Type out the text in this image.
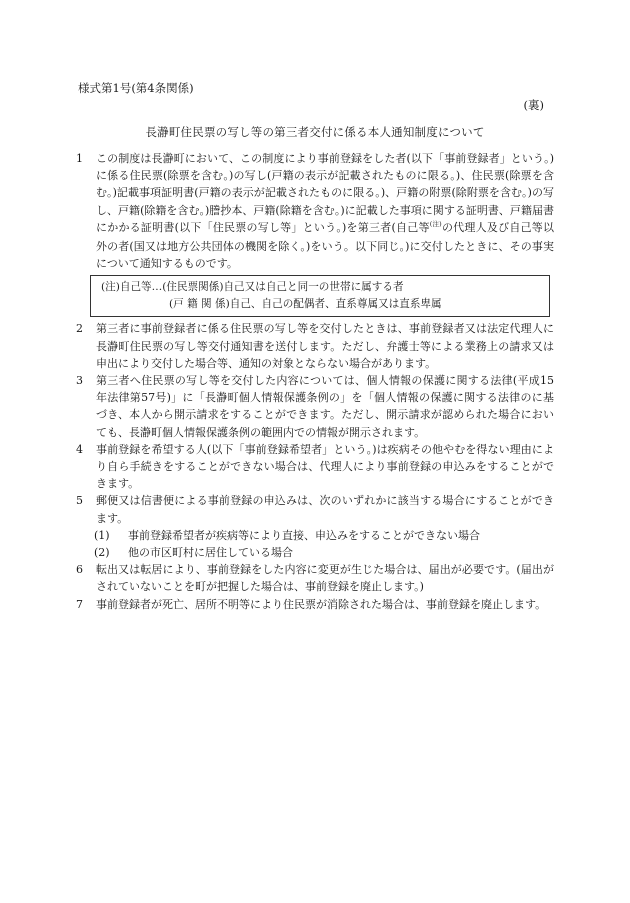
様式第1号(第4条関係)
(裏)
長瀞町住民票の写し等の第三者交付に係る本人通知制度について
1	この制度は長瀞町において、この制度により事前登録をした者(以下「事前登録者」という。)に係る住民票(除票を含む。)の写し(戸籍の表示が記載されたものに限る。)、住民票(除票を含む。)記載事項証明書(戸籍の表示が記載されたものに限る。)、戸籍の附票(除附票を含む。)の写し、戸籍(除籍を含む。)謄抄本、戸籍(除籍を含む。)に記載した事項に関する証明書、戸籍届書にかかる証明書(以下「住民票の写し等」という。)を第三者(自己等$^{(注)}$の代理人及び自己等以外の者(国又は地方公共団体の機関を除く。)をいう。以下同じ。)に交付したときに、その事実について通知するものです。
(注)自己等…(住民票関係)自己又は自己と同一の世帯に属する者
(戸 籍 関 係)自己、自己の配偶者、直系尊属又は直系卑属
2	第三者に事前登録者に係る住民票の写し等を交付したときは、事前登録者又は法定代理人に長瀞町住民票の写し等交付通知書を送付します。ただし、弁護士等による業務上の請求又は申出により交付した場合等、通知の対象とならない場合があります。
3	第三者へ住民票の写し等を交付した内容については、個人情報の保護に関する法律(平成15年法律第57号)」に「長瀞町個人情報保護条例の」を「個人情報の保護に関する法律のに基づき、本人から開示請求をすることができます。ただし、開示請求が認められた場合においても、長瀞町個人情報保護条例の範囲内での情報が開示されます。
4	事前登録を希望する人(以下「事前登録希望者」という。)は疾病その他やむを得ない理由により自ら手続きをすることができない場合は、代理人により事前登録の申込みをすることができます。
5	郵便又は信書便による事前登録の申込みは、次のいずれかに該当する場合にすることができます。
(1)	事前登録希望者が疾病等により直接、申込みをすることができない場合
(2)	他の市区町村に居住している場合
6	転出又は転居により、事前登録をした内容に変更が生じた場合は、届出が必要です。(届出がされていないことを町が把握した場合は、事前登録を廃止します。)
7	事前登録者が死亡、居所不明等により住民票が消除された場合は、事前登録を廃止します。
